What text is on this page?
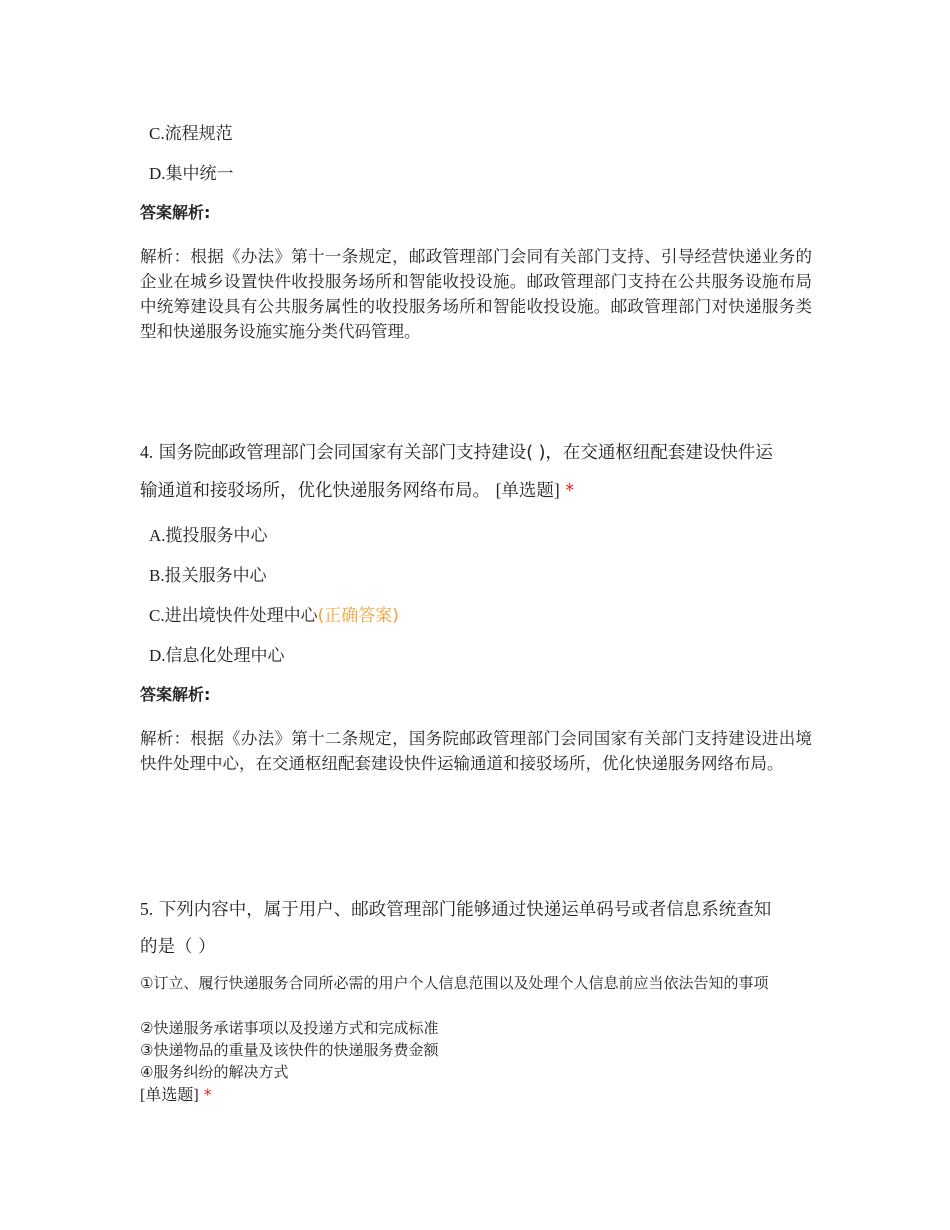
C.流程规范
D.集中统一
答案解析:
解析：根据《办法》第十一条规定，邮政管理部门会同有关部门支持、引导经营快递业务的企业在城乡设置快件收投服务场所和智能收投设施。邮政管理部门支持在公共服务设施布局中统筹建设具有公共服务属性的收投服务场所和智能收投设施。邮政管理部门对快递服务类型和快递服务设施实施分类代码管理。
4. 国务院邮政管理部门会同国家有关部门支持建设( )，在交通枢纽配套建设快件运
输通道和接驳场所，优化快递服务网络布局。 [单选题] *
A.揽投服务中心
B.报关服务中心
C.进出境快件处理中心(正确答案)
D.信息化处理中心
答案解析:
解析：根据《办法》第十二条规定，国务院邮政管理部门会同国家有关部门支持建设进出境快件处理中心，在交通枢纽配套建设快件运输通道和接驳场所，优化快递服务网络布局。
5. 下列内容中，属于用户、邮政管理部门能够通过快递运单码号或者信息系统查知
的是（ ）
①订立、履行快递服务合同所必需的用户个人信息范围以及处理个人信息前应当依法告知的事项
②快递服务承诺事项以及投递方式和完成标准
③快递物品的重量及该快件的快递服务费金额
④服务纠纷的解决方式
[单选题] *
